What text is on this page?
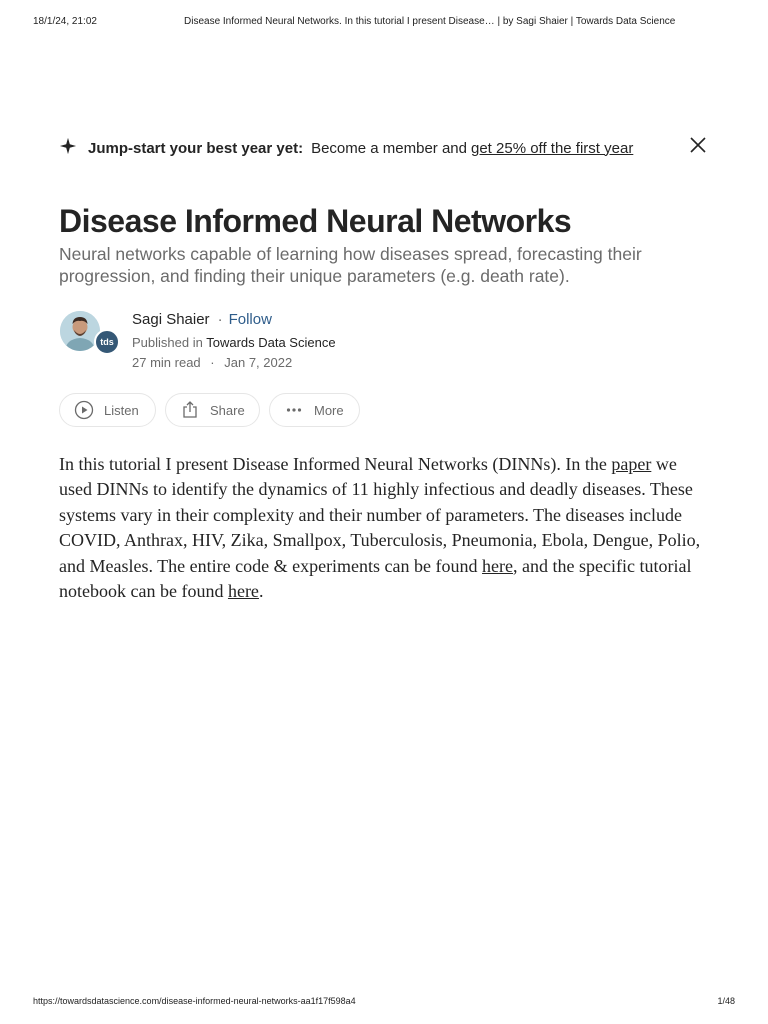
18/1/24, 21:02	Disease Informed Neural Networks. In this tutorial I present Disease… | by Sagi Shaier | Towards Data Science
Jump-start your best year yet: Become a member and get 25% off the first year
Disease Informed Neural Networks

Neural networks capable of learning how diseases spread, forecasting their progression, and finding their unique parameters (e.g. death rate).

tds
Sagi Shaier · Follow
Published in Towards Data Science
27 min read · Jan 7, 2022
Listen	Share	More

In this tutorial I present Disease Informed Neural Networks (DINNs). In the paper we used DINNs to identify the dynamics of 11 highly infectious and deadly diseases. These systems vary in their complexity and their number of parameters. The diseases include COVID, Anthrax, HIV, Zika, Smallpox, Tuberculosis, Pneumonia, Ebola, Dengue, Polio, and Measles. The entire code & experiments can be found here, and the specific tutorial notebook can be found here.

https://towardsdatascience.com/disease-informed-neural-networks-aa1f17f598a4	1/48
